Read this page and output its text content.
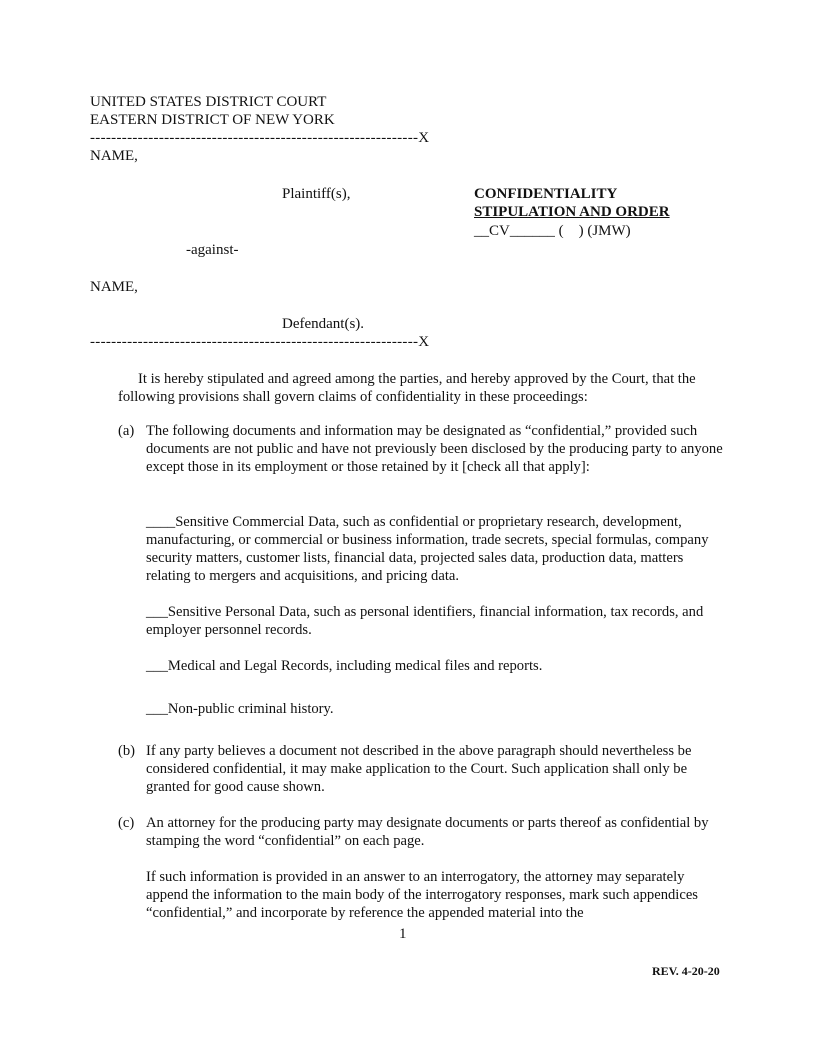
UNITED STATES DISTRICT COURT
EASTERN DISTRICT OF NEW YORK
--------------------------------------------------------------X
NAME,
Plaintiff(s),	CONFIDENTIALITY
STIPULATION AND ORDER
__CV______ (    ) (JMW)
-against-
NAME,
Defendant(s).
--------------------------------------------------------------X
It is hereby stipulated and agreed among the parties, and hereby approved by the Court, that the following provisions shall govern claims of confidentiality in these proceedings:
(a) The following documents and information may be designated as “confidential,” provided such documents are not public and have not previously been disclosed by the producing party to anyone except those in its employment or those retained by it [check all that apply]:
____Sensitive Commercial Data, such as confidential or proprietary research, development, manufacturing, or commercial or business information, trade secrets, special formulas, company security matters, customer lists, financial data, projected sales data, production data, matters relating to mergers and acquisitions, and pricing data.
___Sensitive Personal Data, such as personal identifiers, financial information, tax records, and employer personnel records.
___Medical and Legal Records, including medical files and reports.
___Non-public criminal history.
(b) If any party believes a document not described in the above paragraph should nevertheless be considered confidential, it may make application to the Court. Such application shall only be granted for good cause shown.
(c) An attorney for the producing party may designate documents or parts thereof as confidential by stamping the word “confidential” on each page.
If such information is provided in an answer to an interrogatory, the attorney may separately append the information to the main body of the interrogatory responses, mark such appendices “confidential,” and incorporate by reference the appended material into the
1
REV. 4-20-20
